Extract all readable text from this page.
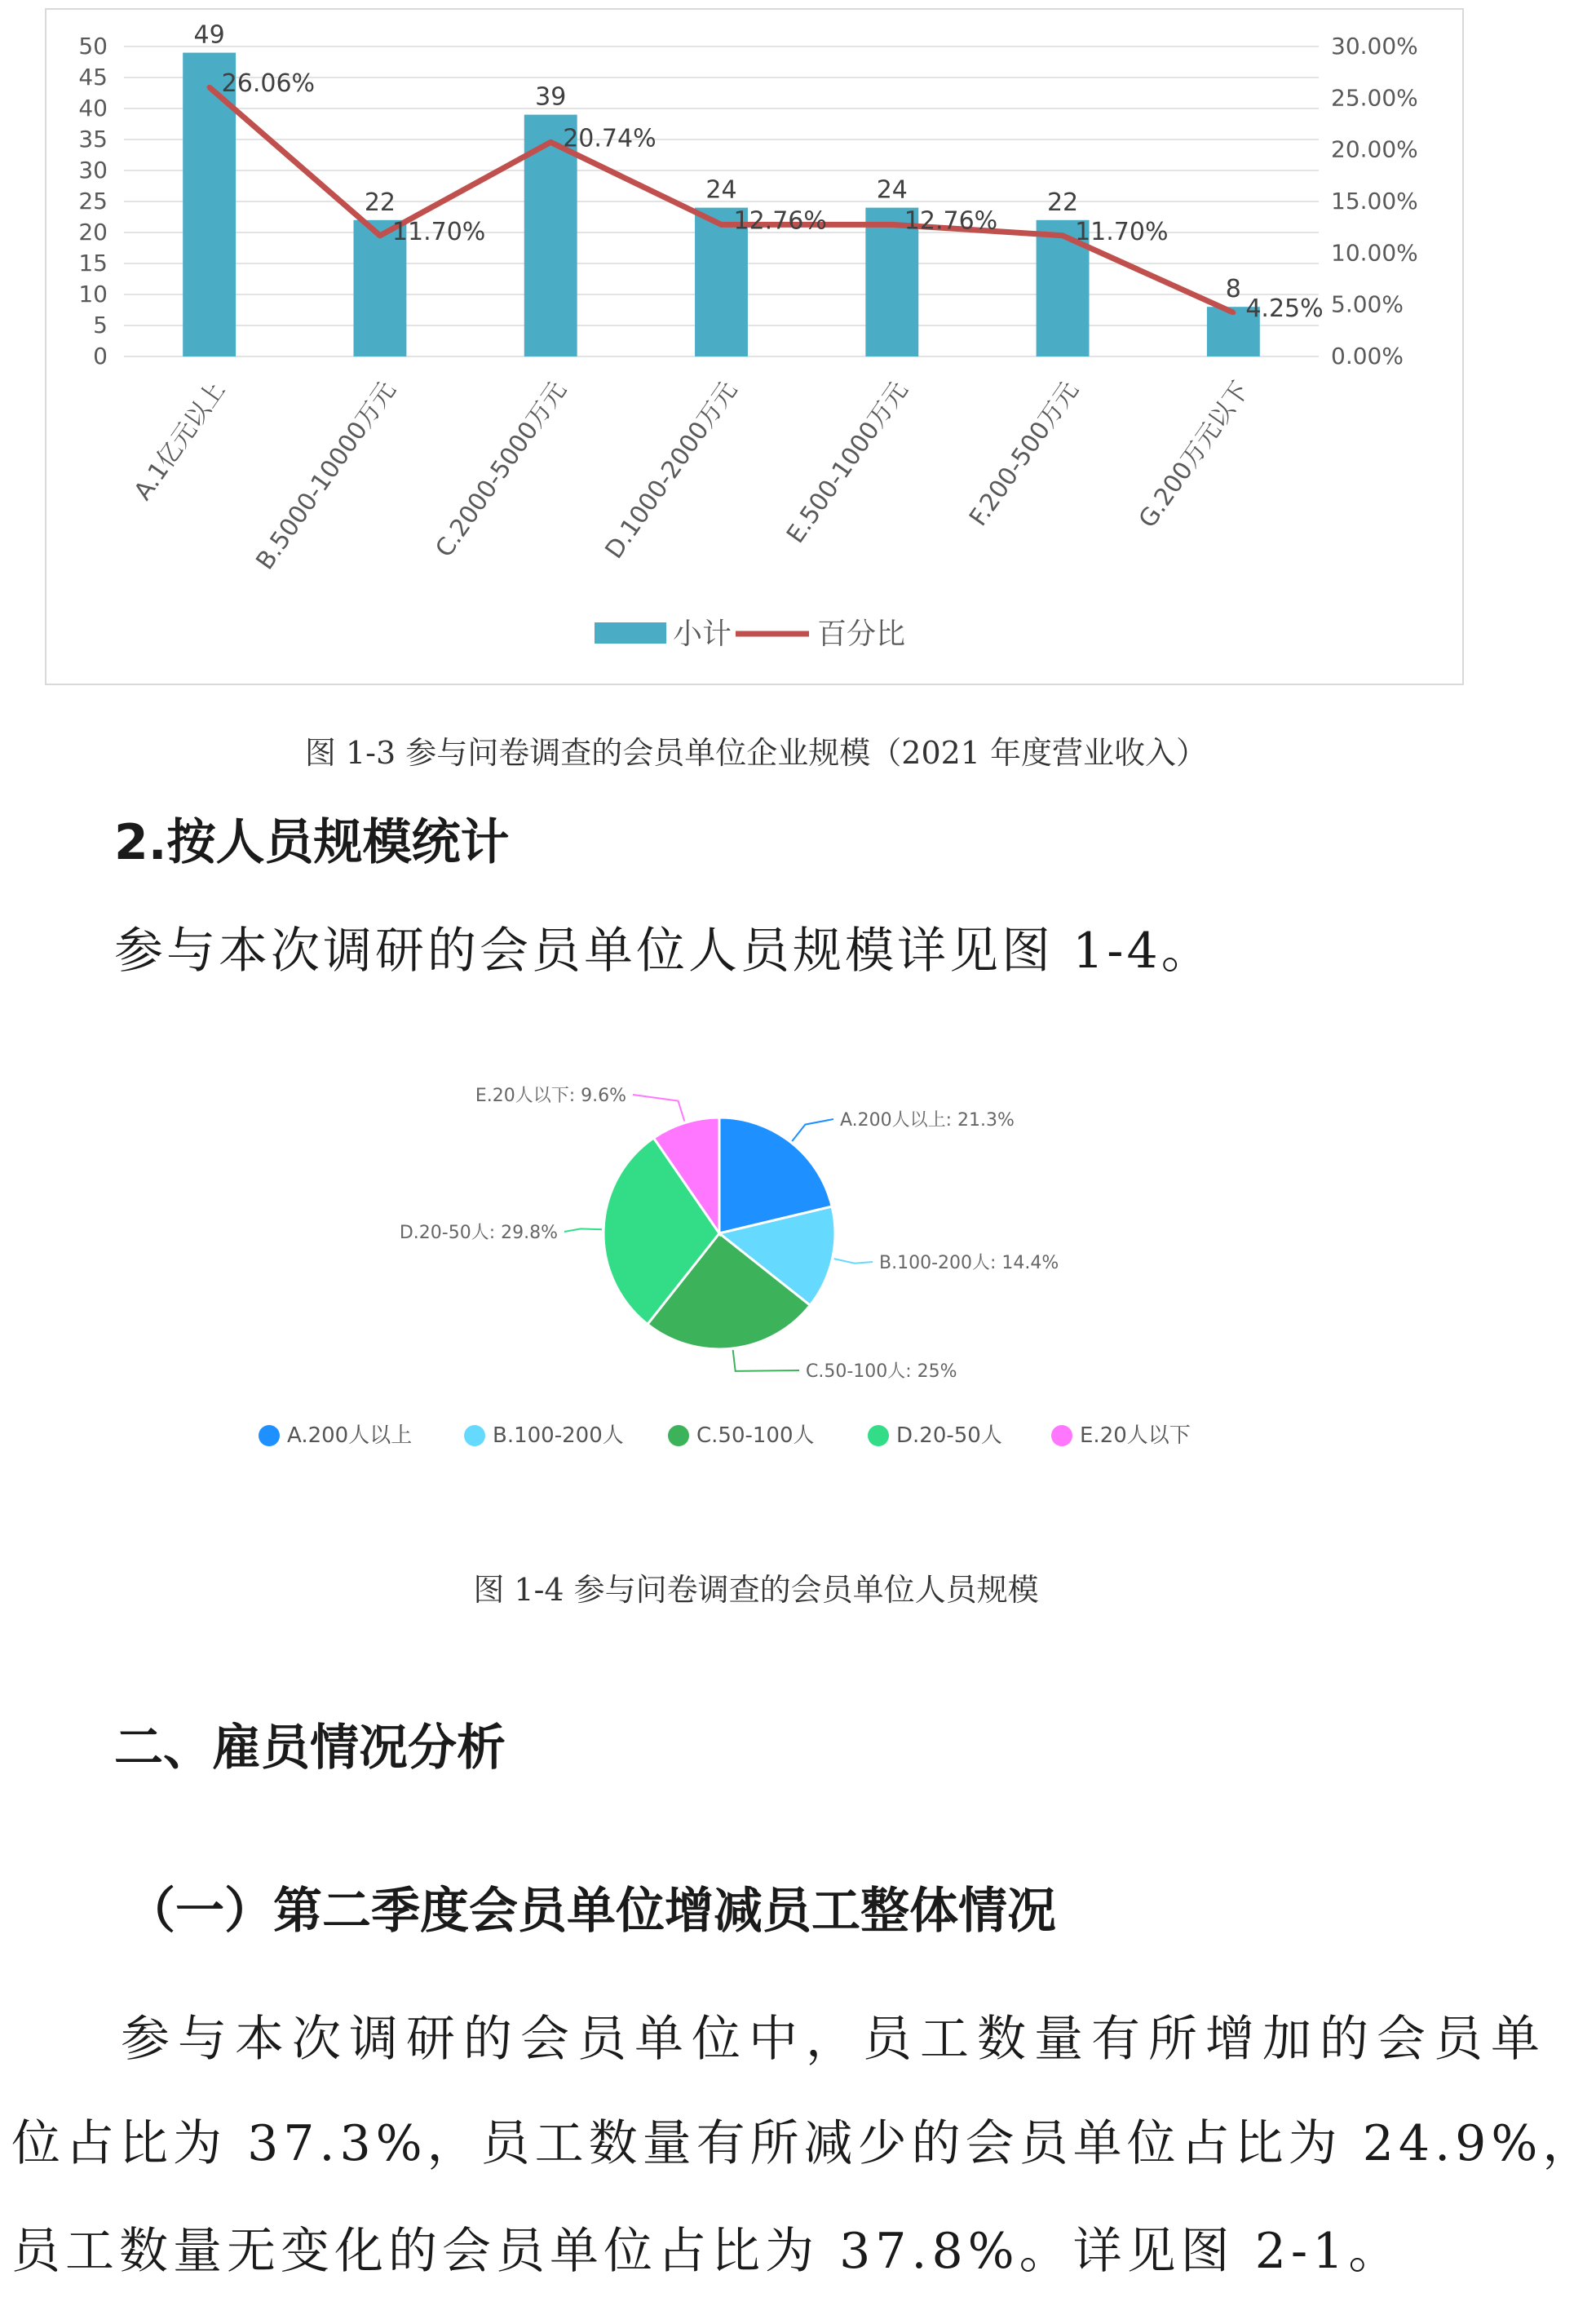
0
5
10
15
20
25
30
35
40
45
50
0.00%
5.00%
10.00%
15.00%
20.00%
25.00%
30.00%
49
A.1亿元以上
22
B.5000-10000万元
39
C.2000-5000万元
24
D.1000-2000万元
24
E.500-1000万元
22
F.200-500万元
8
G.200万元以下
26.06%
11.70%
20.74%
12.76%	12.76%	11.70%
4.25%
小计	百分比
图 1-3 参与问卷调查的会员单位企业规模（2021 年度营业收入）
2.按人员规模统计
参与本次调研的会员单位人员规模详见图 1-4。
A.200人以上: 21.3%
B.100-200人: 14.4%
C.50-100人: 25%
D.20-50人: 29.8%
E.20人以下: 9.6%
A.200人以上	B.100-200人	C.50-100人	D.20-50人	E.20人以下
图 1-4 参与问卷调查的会员单位人员规模
二、雇员情况分析
（一）第二季度会员单位增减员工整体情况
参与本次调研的会员单位中，员工数量有所增加的会员单
位占比为 37.3%，员工数量有所减少的会员单位占比为 24.9%，
员工数量无变化的会员单位占比为 37.8%。详见图 2-1。
